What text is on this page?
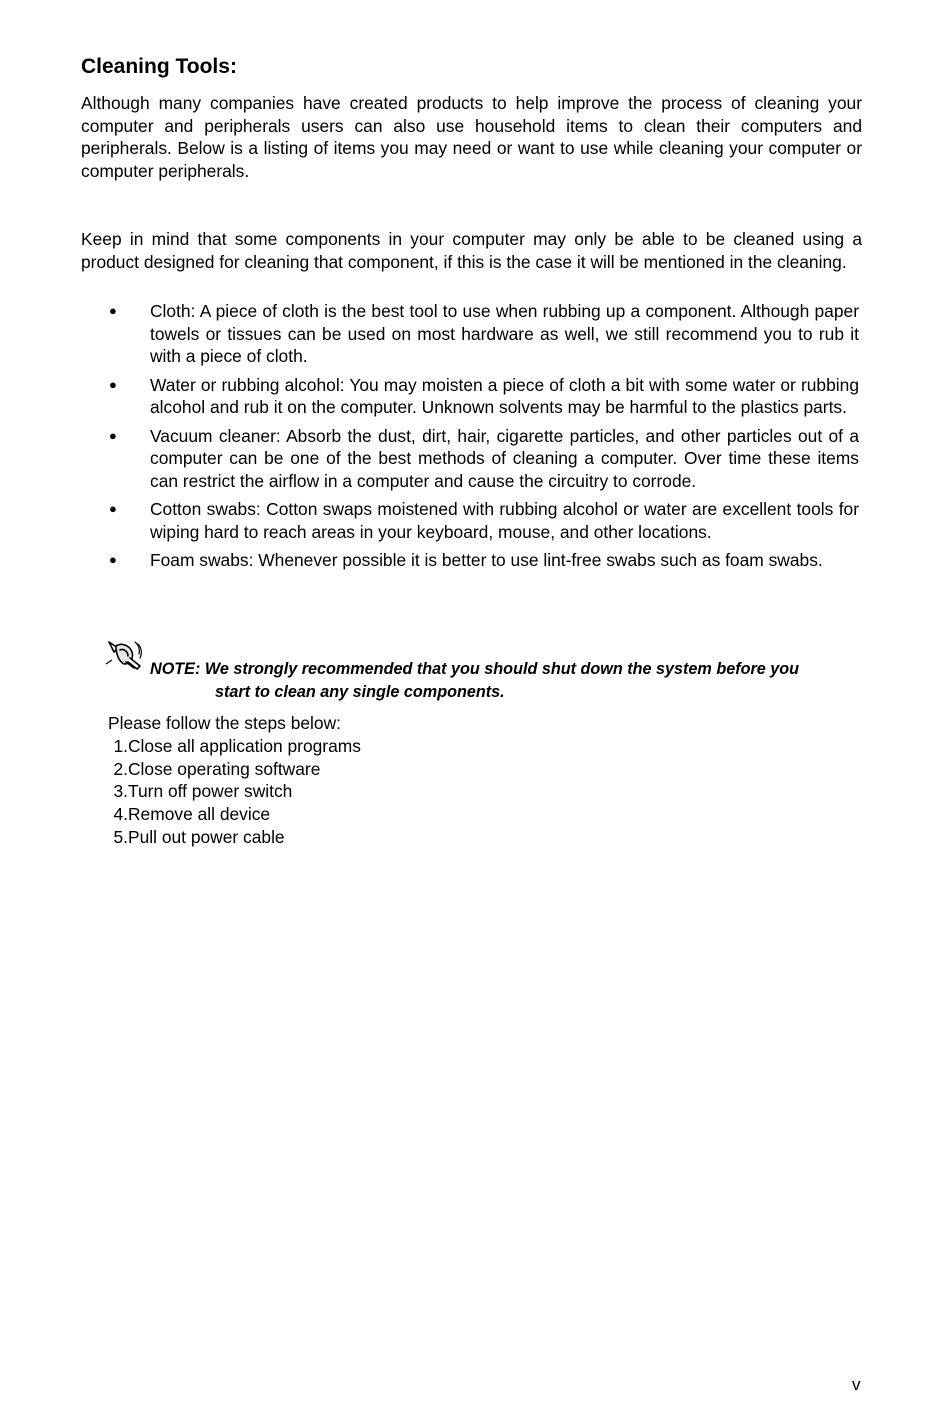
Cleaning Tools:

Although many companies have created products to help improve the process of cleaning your computer and peripherals users can also use household items to clean their computers and peripherals. Below is a listing of items you may need or want to use while cleaning your computer or computer peripherals.

Keep in mind that some components in your computer may only be able to be cleaned using a product designed for cleaning that component, if this is the case it will be mentioned in the cleaning.

● Cloth: A piece of cloth is the best tool to use when rubbing up a component. Although paper towels or tissues can be used on most hardware as well, we still recommend you to rub it with a piece of cloth.
● Water or rubbing alcohol: You may moisten a piece of cloth a bit with some water or rubbing alcohol and rub it on the computer. Unknown solvents may be harmful to the plastics parts.
● Vacuum cleaner: Absorb the dust, dirt, hair, cigarette particles, and other particles out of a computer can be one of the best methods of cleaning a computer. Over time these items can restrict the airflow in a computer and cause the circuitry to corrode.
● Cotton swabs: Cotton swaps moistened with rubbing alcohol or water are excellent tools for wiping hard to reach areas in your keyboard, mouse, and other locations.
● Foam swabs: Whenever possible it is better to use lint-free swabs such as foam swabs.
NOTE: We strongly recommended that you should shut down the system before you
start to clean any single components.

Please follow the steps below:

1.Close all application programs
2.Close operating software
3.Turn off power switch
4.Remove all device
5.Pull out power cable
v
